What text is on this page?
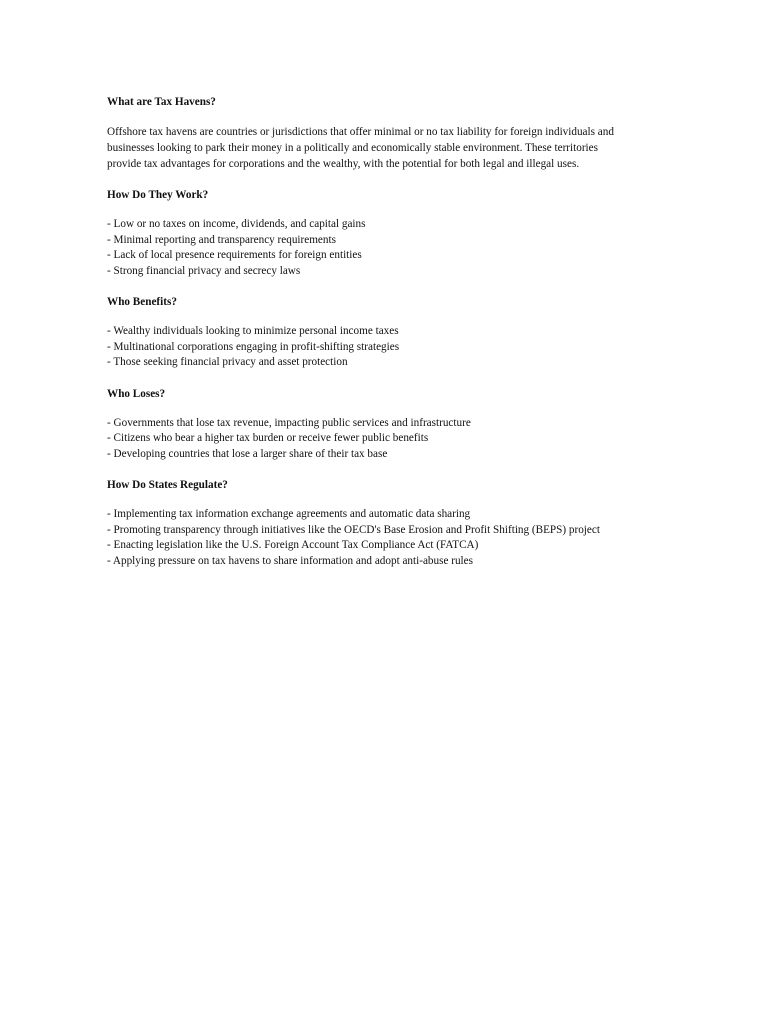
What are Tax Havens?

Offshore tax havens are countries or jurisdictions that offer minimal or no tax liability for foreign individuals and

businesses looking to park their money in a politically and economically stable environment. These territories

provide tax advantages for corporations and the wealthy, with the potential for both legal and illegal uses.

How Do They Work?

- Low or no taxes on income, dividends, and capital gains
- Minimal reporting and transparency requirements
- Lack of local presence requirements for foreign entities
- Strong financial privacy and secrecy laws

Who Benefits?

- Wealthy individuals looking to minimize personal income taxes
- Multinational corporations engaging in profit-shifting strategies
- Those seeking financial privacy and asset protection

Who Loses?

- Governments that lose tax revenue, impacting public services and infrastructure
- Citizens who bear a higher tax burden or receive fewer public benefits
- Developing countries that lose a larger share of their tax base

How Do States Regulate?

- Implementing tax information exchange agreements and automatic data sharing
- Promoting transparency through initiatives like the OECD's Base Erosion and Profit Shifting (BEPS) project
- Enacting legislation like the U.S. Foreign Account Tax Compliance Act (FATCA)
- Applying pressure on tax havens to share information and adopt anti-abuse rules
